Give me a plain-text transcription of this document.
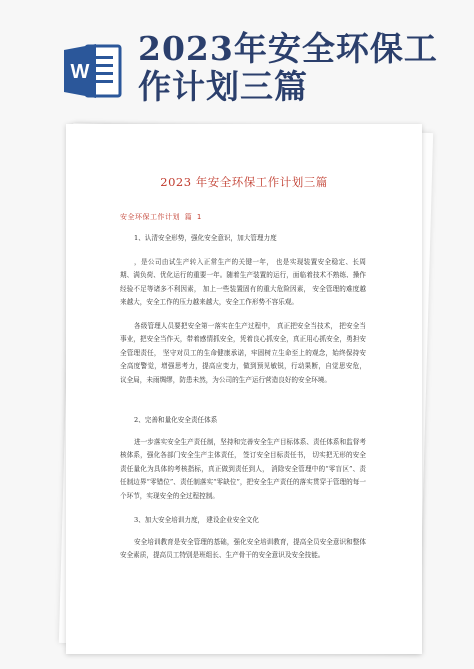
W
2023年安全环保工作计划三篇
2023 年安全环保工作计划三篇
安全环保工作计划 篇 1
1、认清安全形势，强化安全意识，加大管理力度
，是公司由试生产转入正常生产的关键一年， 也是实现装置安全稳定、长周期、满负荷、优化运行的重要一年。随着生产装置的运行，面临着技术不熟练、操作经验不足等诸多不利因素， 加上一些装置固有的重大危险因素， 安全管理的难度越来越大，安全工作的压力越来越大，安全工作形势不容乐观。
各级管理人员要把安全第一落实在生产过程中， 真正把安全当技术， 把安全当事业，把安全当作天，带着感情抓安全，凭着良心抓安全，真正用心抓安全，勇担安全管理责任， 坚守对员工的生命健康承诺，牢固树立生命至上的观念，始终保持安全高度警觉，增强思考力，提高应变力，做到预见敏锐，行动果断，自觉思安危， 议全局，未雨绸缪，防患未然，为公司的生产运行营造良好的安全环境。
2、完善和量化安全责任体系
进一步落实安全生产责任制，坚持和完善安全生产目标体系、责任体系和监督考核体系，强化各部门安全生产主体责任， 签订安全目标责任书， 切实把无形的安全责任量化为具体的考核指标，真正做到责任到人， 消除安全管理中的“零盲区”、责任制边界“零错位”、责任制落实“零缺位”，把安全生产责任的落实贯穿于管理的每一个环节，实现安全的全过程控制。
3、加大安全培训力度， 建设企业安全文化
安全培训教育是安全管理的基础，强化安全培训教育，提高全员安全意识和整体安全素质，提高员工特别是班组长、生产骨干的安全意识及安全技能。
